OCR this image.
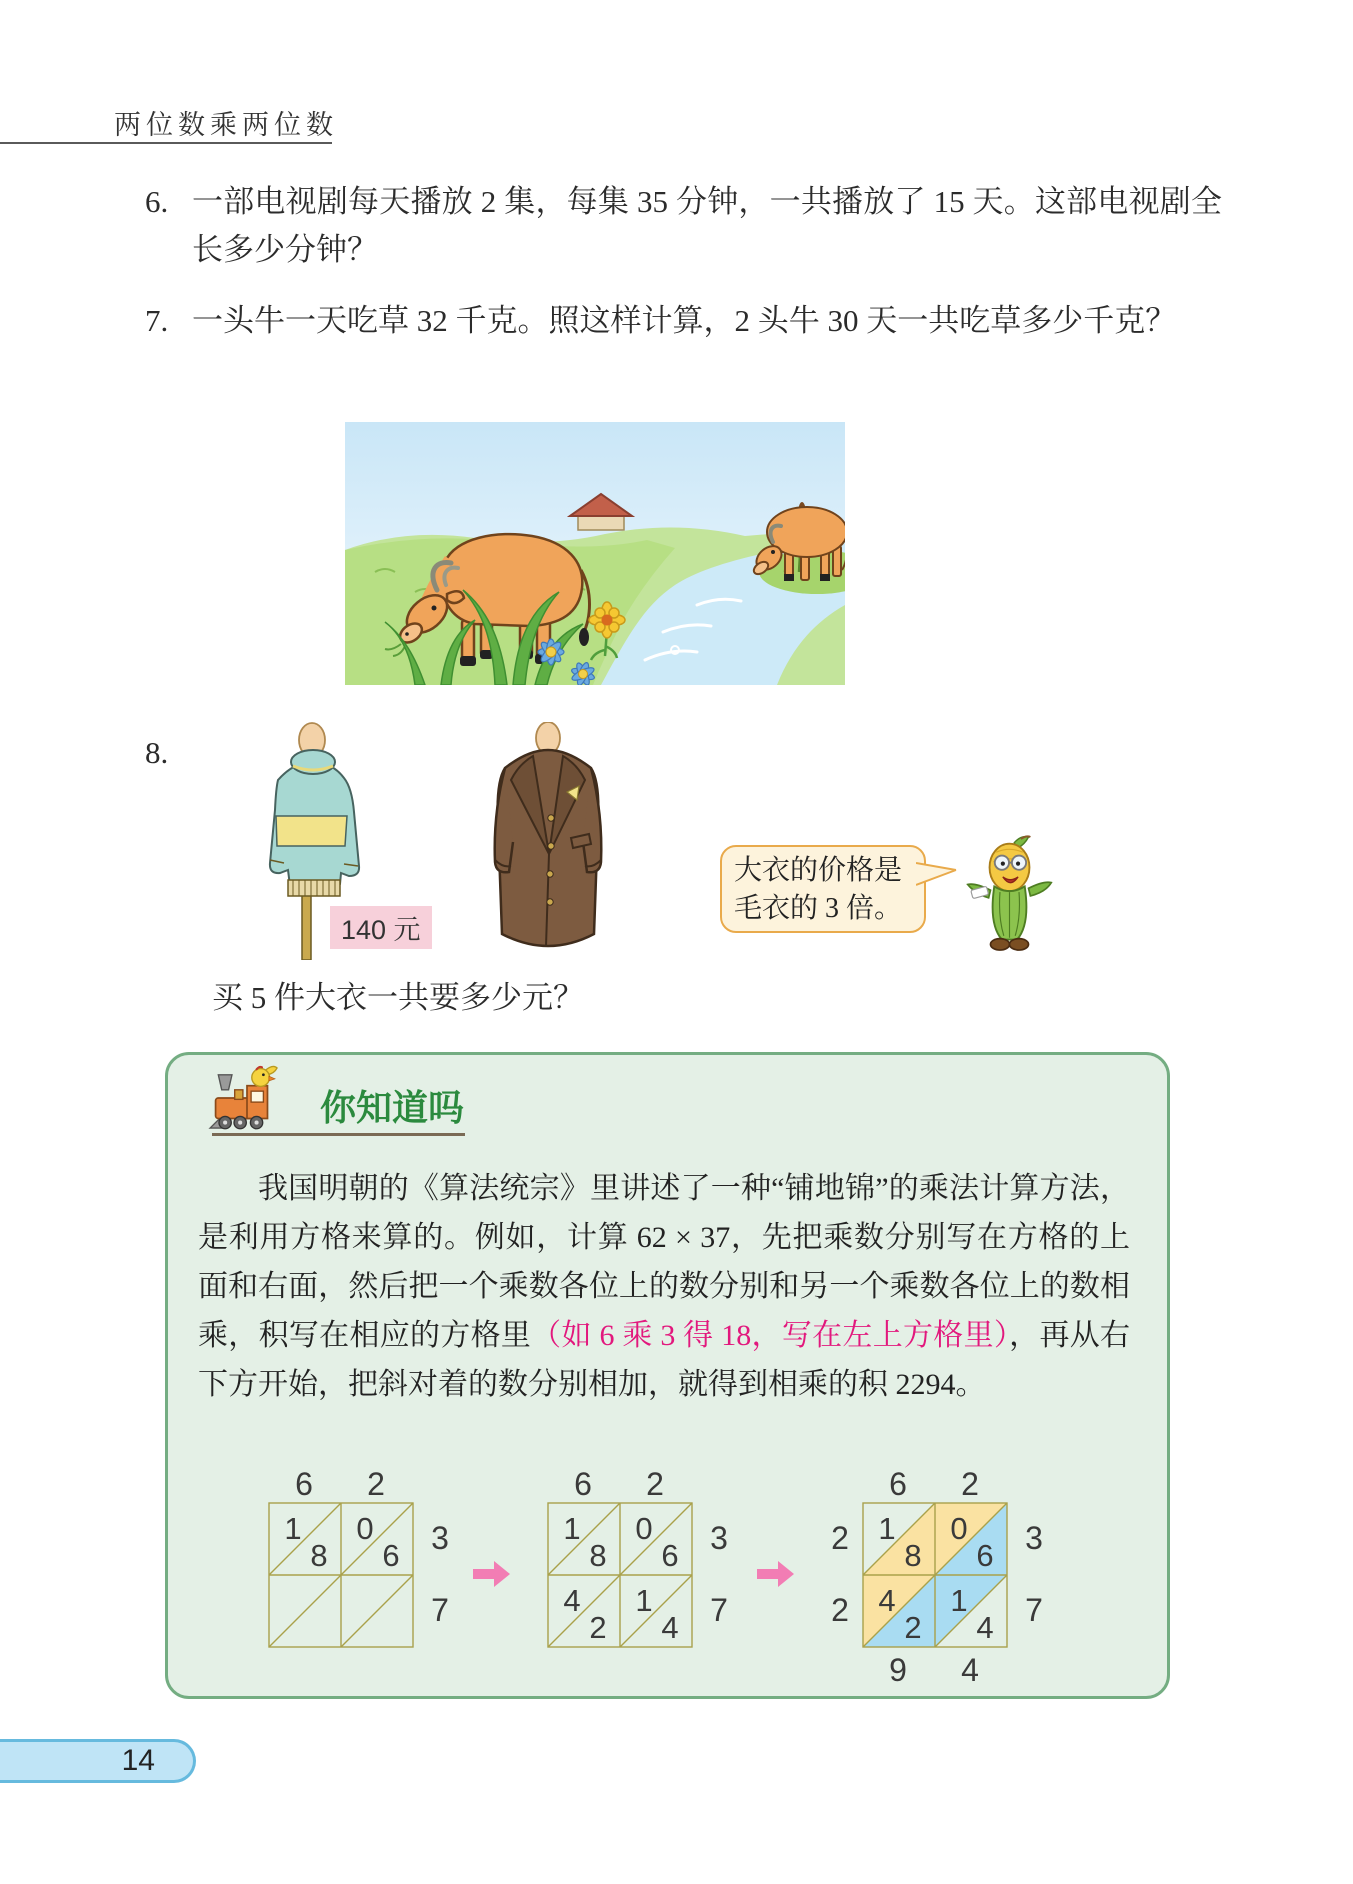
两位数乘两位数
6. 一部电视剧每天播放 2 集，每集 35 分钟，一共播放了 15 天。这部电视剧全长多少分钟？
7. 一头牛一天吃草 32 千克。照这样计算，2 头牛 30 天一共吃草多少千克？
8.
140 元
大衣的价格是
毛衣的 3 倍。
买 5 件大衣一共要多少元？
你知道吗
我国明朝的《算法统宗》里讲述了一种“铺地锦”的乘法计算方法，是利用方格来算的。例如，计算 62 × 37，先把乘数分别写在方格的上面和右面，然后把一个乘数各位上的数分别和另一个乘数各位上的数相乘，积写在相应的方格里（如 6 乘 3 得 18，写在左上方格里），再从右下方开始，把斜对着的数分别相加，就得到相乘的积 2294。
6	2
3
7
1
8
0
6
6	2
3
7
1
8
0
6
4
2
1
4
6	2
3
7
2
2
9	4
1
8
0
6
4
2
1
4
14
